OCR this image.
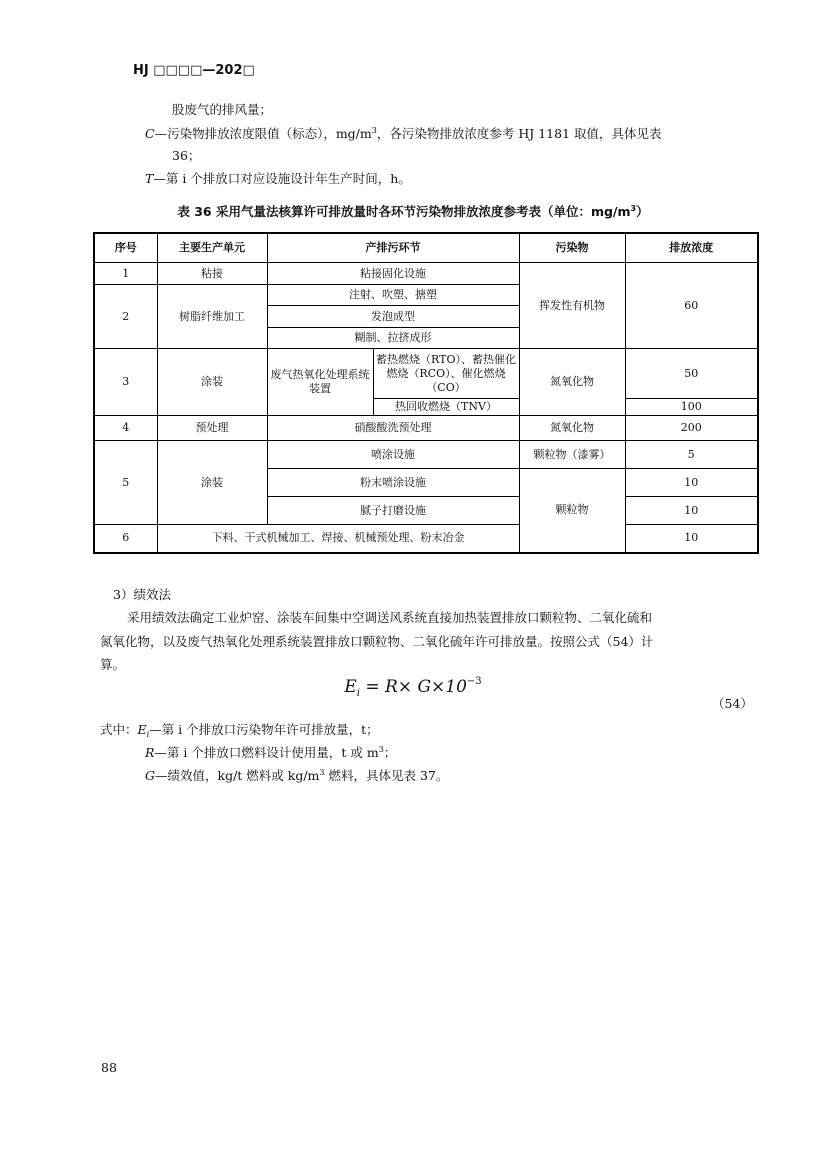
HJ □□□□—202□
股废气的排风量；
C—污染物排放浓度限值（标态），$mg/m^3$，各污染物排放浓度参考 HJ 1181 取值，具体见表
36；
T—第 i 个排放口对应设施设计年生产时间，h。
表 36 采用气量法核算许可排放量时各环节污染物排放浓度参考表（单位：$mg/m^3$）
序号	主要生产单元	产排污环节		污染物	排放浓度
1	粘接	粘接固化设施		挥发性有机物	60
2	树脂纤维加工	注射、吹塑、搪塑			
		发泡成型			
		糊制、拉挤成形			
3	涂装	废气热氧化处理系统装置	蓄热燃烧（RTO）、蓄热催化燃烧（RCO）、催化燃烧（CO）	氮氧化物	50
			热回收燃烧（TNV）		100
4	预处理	硝酸酸洗预处理		氮氧化物	200
5	涂装	喷涂设施		颗粒物（漆雾）	5
		粉末喷涂设施		颗粒物	10
		腻子打磨设施			10
6	下料、干式机械加工、焊接、机械预处理、粉末冶金				10
3）绩效法
采用绩效法确定工业炉窑、涂装车间集中空调送风系统直接加热装置排放口颗粒物、二氧化硫和
氮氧化物，以及废气热氧化处理系统装置排放口颗粒物、二氧化硫年许可排放量。按照公式（54）计
算。
$E_i = R\times G\times 10^{-3}$
（54）
式中：$E_i—$第 i 个排放口污染物年许可排放量，t；
R—第 i 个排放口燃料设计使用量，t 或 $m^3$；
G—绩效值，kg/t 燃料或 $kg/m^3$ 燃料，具体见表 37。
88
